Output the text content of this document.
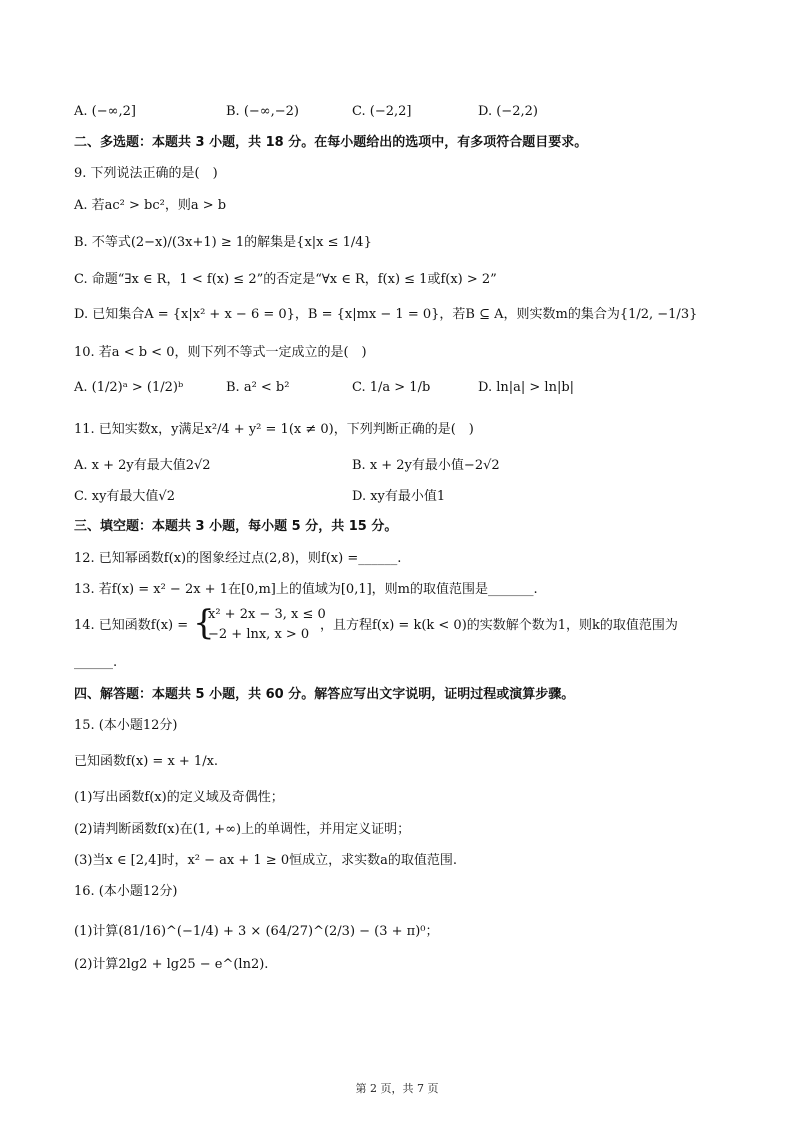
A. (−∞,2]	B. (−∞,−2)	C. (−2,2]	D. (−2,2)
二、多选题：本题共 3 小题，共 18 分。在每小题给出的选项中，有多项符合题目要求。
9. 下列说法正确的是(　)
A. 若ac² > bc²，则a > b
B. 不等式(2−x)/(3x+1) ≥ 1的解集是{x|x ≤ 1/4}
C. 命题“∃x ∈ R，1 < f(x) ≤ 2”的否定是“∀x ∈ R，f(x) ≤ 1或f(x) > 2”
D. 已知集合A = {x|x² + x − 6 = 0}，B = {x|mx − 1 = 0}，若B ⊆ A，则实数m的集合为{1/2, −1/3}
10. 若a < b < 0，则下列不等式一定成立的是(　)
A. (1/2)ᵃ > (1/2)ᵇ	B. a² < b²	C. 1/a > 1/b	D. ln|a| > ln|b|
11. 已知实数x，y满足x²/4 + y² = 1(x ≠ 0)，下列判断正确的是(　)
A. x + 2y有最大值2√2	B. x + 2y有最小值−2√2
C. xy有最大值√2	D. xy有最小值1
三、填空题：本题共 3 小题，每小题 5 分，共 15 分。
12. 已知幂函数f(x)的图象经过点(2,8)，则f(x) =______.
13. 若f(x) = x² − 2x + 1在[0,m]上的值域为[0,1]，则m的取值范围是_______.
14. 已知函数f(x) = {
x² + 2x − 3, x ≤ 0
−2 + lnx, x > 0
，且方程f(x) = k(k < 0)的实数解个数为1，则k的取值范围为
______.
四、解答题：本题共 5 小题，共 60 分。解答应写出文字说明，证明过程或演算步骤。
15. (本小题12分)
已知函数f(x) = x + 1/x.
(1)写出函数f(x)的定义域及奇偶性；
(2)请判断函数f(x)在(1, +∞)上的单调性，并用定义证明；
(3)当x ∈ [2,4]时，x² − ax + 1 ≥ 0恒成立，求实数a的取值范围.
16. (本小题12分)
(1)计算(81/16)^(−1/4) + 3 × (64/27)^(2/3) − (3 + π)⁰；
(2)计算2lg2 + lg25 − e^(ln2).
第 2 页，共 7 页
